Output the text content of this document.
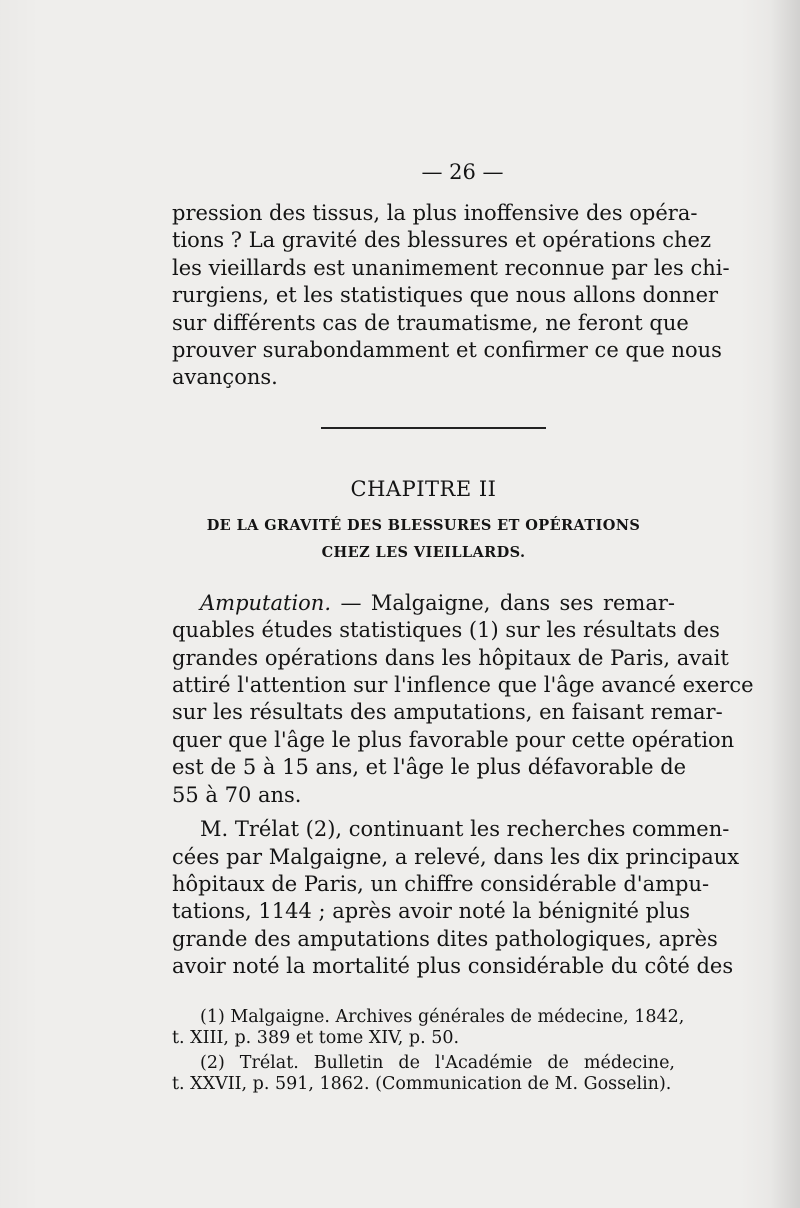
— 26 —
pression des tissus, la plus inoffensive des opéra-
tions ? La gravité des blessures et opérations chez
les vieillards est unanimement reconnue par les chi-
rurgiens, et les statistiques que nous allons donner
sur différents cas de traumatisme, ne feront que
prouver surabondamment et confirmer ce que nous
avançons.
CHAPITRE II
DE LA GRAVITÉ DES BLESSURES ET OPÉRATIONS
CHEZ LES VIEILLARDS.
Amputation. — Malgaigne, dans ses remar-
quables études statistiques (1) sur les résultats des
grandes opérations dans les hôpitaux de Paris, avait
attiré l'attention sur l'inflence que l'âge avancé exerce
sur les résultats des amputations, en faisant remar-
quer que l'âge le plus favorable pour cette opération
est de 5 à 15 ans, et l'âge le plus défavorable de
55 à 70 ans.
M. Trélat (2), continuant les recherches commen-
cées par Malgaigne, a relevé, dans les dix principaux
hôpitaux de Paris, un chiffre considérable d'ampu-
tations, 1144 ; après avoir noté la bénignité plus
grande des amputations dites pathologiques, après
avoir noté la mortalité plus considérable du côté des
(1) Malgaigne. Archives générales de médecine, 1842,
t. XIII, p. 389 et tome XIV, p. 50.
(2) Trélat. Bulletin de l'Académie de médecine,
t. XXVII, p. 591, 1862. (Communication de M. Gosselin).
